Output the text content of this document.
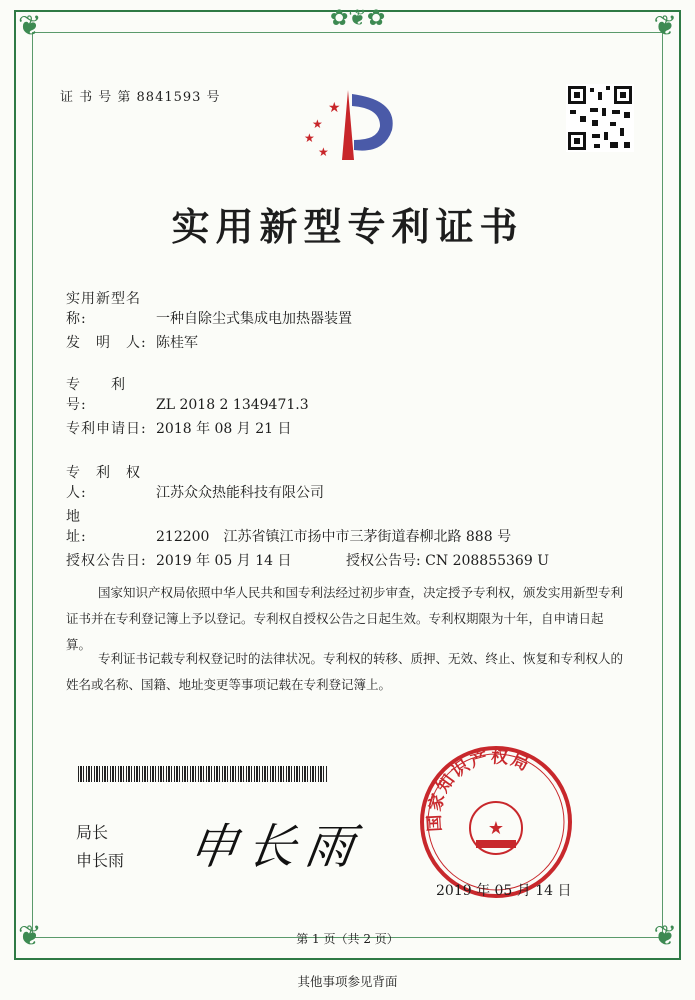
❦	❦
❦	❦
✿❦✿
证 书 号 第 8841593 号
★
★
★
★
实用新型专利证书
实用新型名称:	一种自除尘式集成电加热器装置
发　明　人: 陈桂军
专　　利　号:	ZL 2018 2 1349471.3
专利申请日: 2018 年 08 月 21 日
专　利　权　人:	江苏众众热能科技有限公司
地　　　　址:	212200　江苏省镇江市扬中市三茅街道春柳北路 888 号
授权公告日: 2019 年 05 月 14 日	授权公告号: CN 208855369 U
国家知识产权局依照中华人民共和国专利法经过初步审查，决定授予专利权，颁发实用新型专利证书并在专利登记簿上予以登记。专利权自授权公告之日起生效。专利权期限为十年，自申请日起算。
专利证书记载专利权登记时的法律状况。专利权的转移、质押、无效、终止、恢复和专利权人的姓名或名称、国籍、地址变更等事项记载在专利登记簿上。
局长
申长雨 申长雨	国家知识产权局
★
2019 年 05 月 14 日
第 1 页（共 2 页）
其他事项参见背面
